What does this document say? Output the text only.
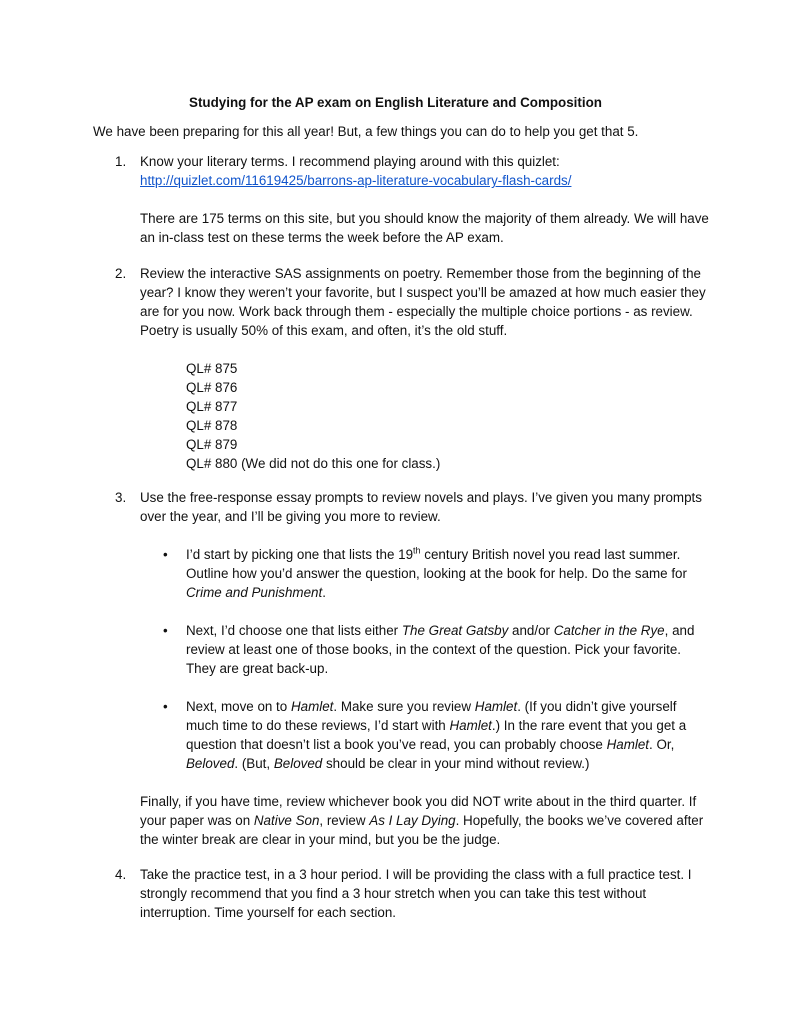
Studying for the AP exam on English Literature and Composition

We have been preparing for this all year! But, a few things you can do to help you get that 5.

1.	Know your literary terms. I recommend playing around with this quizlet:

http://quizlet.com/11619425/barrons-ap-literature-vocabulary-flash-cards/

There are 175 terms on this site, but you should know the majority of them already. We will have an in-class test on these terms the week before the AP exam.

2.	Review the interactive SAS assignments on poetry. Remember those from the beginning of the year? I know they weren’t your favorite, but I suspect you’ll be amazed at how much easier they are for you now. Work back through them - especially the multiple choice portions - as review. Poetry is usually 50% of this exam, and often, it’s the old stuff.

QL# 875

QL# 876

QL# 877

QL# 878

QL# 879

QL# 880 (We did not do this one for class.)

3.	Use the free-response essay prompts to review novels and plays. I’ve given you many prompts over the year, and I’ll be giving you more to review.

• I’d start by picking one that lists the 19th century British novel you read last summer. Outline how you’d answer the question, looking at the book for help. Do the same for Crime and Punishment.
• Next, I’d choose one that lists either The Great Gatsby and/or Catcher in the Rye, and review at least one of those books, in the context of the question. Pick your favorite. They are great back-up.
• Next, move on to Hamlet. Make sure you review Hamlet. (If you didn’t give yourself much time to do these reviews, I’d start with Hamlet.) In the rare event that you get a question that doesn’t list a book you’ve read, you can probably choose Hamlet. Or, Beloved. (But, Beloved should be clear in your mind without review.)

Finally, if you have time, review whichever book you did NOT write about in the third quarter. If your paper was on Native Son, review As I Lay Dying. Hopefully, the books we’ve covered after the winter break are clear in your mind, but you be the judge.

4.	Take the practice test, in a 3 hour period. I will be providing the class with a full practice test. I strongly recommend that you find a 3 hour stretch when you can take this test without interruption. Time yourself for each section.
